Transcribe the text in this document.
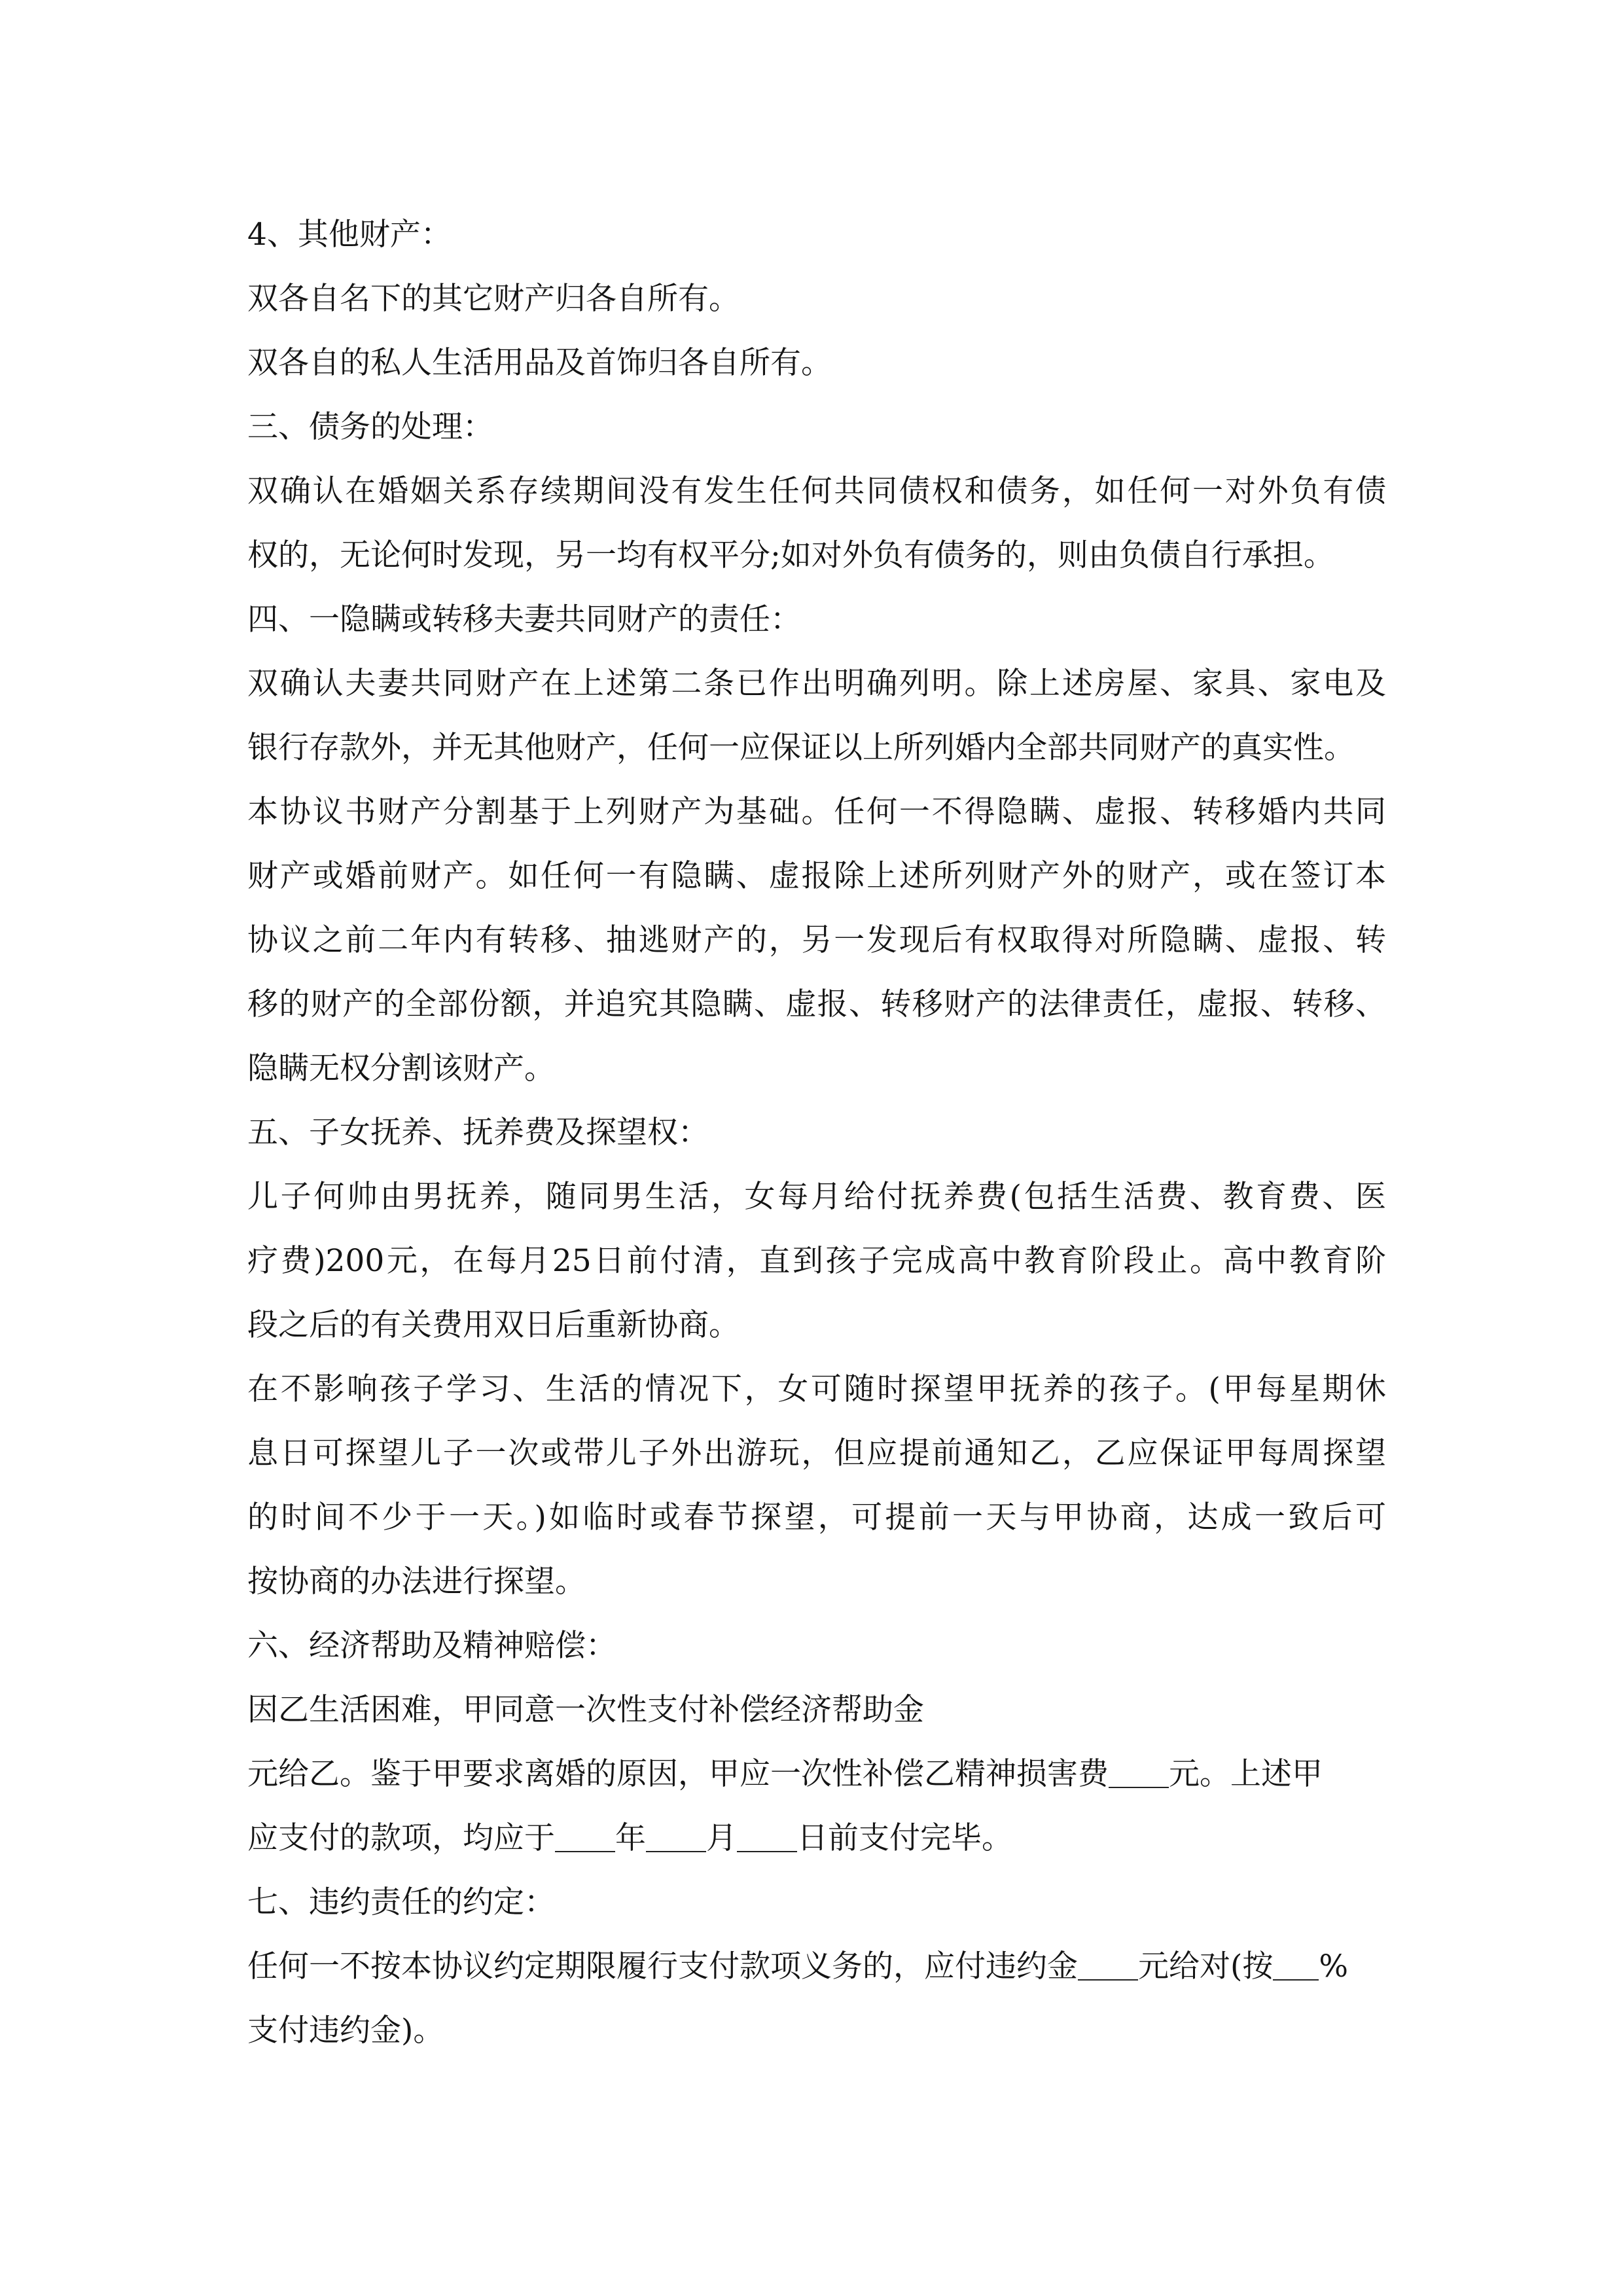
4、其他财产：
双各自名下的其它财产归各自所有。
双各自的私人生活用品及首饰归各自所有。
三、债务的处理：
双确认在婚姻关系存续期间没有发生任何共同债权和债务，如任何一对外负有债
权的，无论何时发现，另一均有权平分;如对外负有债务的，则由负债自行承担。
四、一隐瞒或转移夫妻共同财产的责任：
双确认夫妻共同财产在上述第二条已作出明确列明。除上述房屋、家具、家电及
银行存款外，并无其他财产，任何一应保证以上所列婚内全部共同财产的真实性。
本协议书财产分割基于上列财产为基础。任何一不得隐瞒、虚报、转移婚内共同
财产或婚前财产。如任何一有隐瞒、虚报除上述所列财产外的财产，或在签订本
协议之前二年内有转移、抽逃财产的，另一发现后有权取得对所隐瞒、虚报、转
移的财产的全部份额，并追究其隐瞒、虚报、转移财产的法律责任，虚报、转移、
隐瞒无权分割该财产。
五、子女抚养、抚养费及探望权：
儿子何帅由男抚养，随同男生活，女每月给付抚养费(包括生活费、教育费、医
疗费)200元，在每月25日前付清，直到孩子完成高中教育阶段止。高中教育阶
段之后的有关费用双日后重新协商。
在不影响孩子学习、生活的情况下，女可随时探望甲抚养的孩子。(甲每星期休
息日可探望儿子一次或带儿子外出游玩，但应提前通知乙，乙应保证甲每周探望
的时间不少于一天。)如临时或春节探望，可提前一天与甲协商，达成一致后可
按协商的办法进行探望。
六、经济帮助及精神赔偿：
因乙生活困难，甲同意一次性支付补偿经济帮助金
元给乙。鉴于甲要求离婚的原因，甲应一次性补偿乙精神损害费 元。上述甲
应支付的款项，均应于 年 月 日前支付完毕。
七、违约责任的约定：
任何一不按本协议约定期限履行支付款项义务的，应付违约金 元给对(按 %
支付违约金)。
